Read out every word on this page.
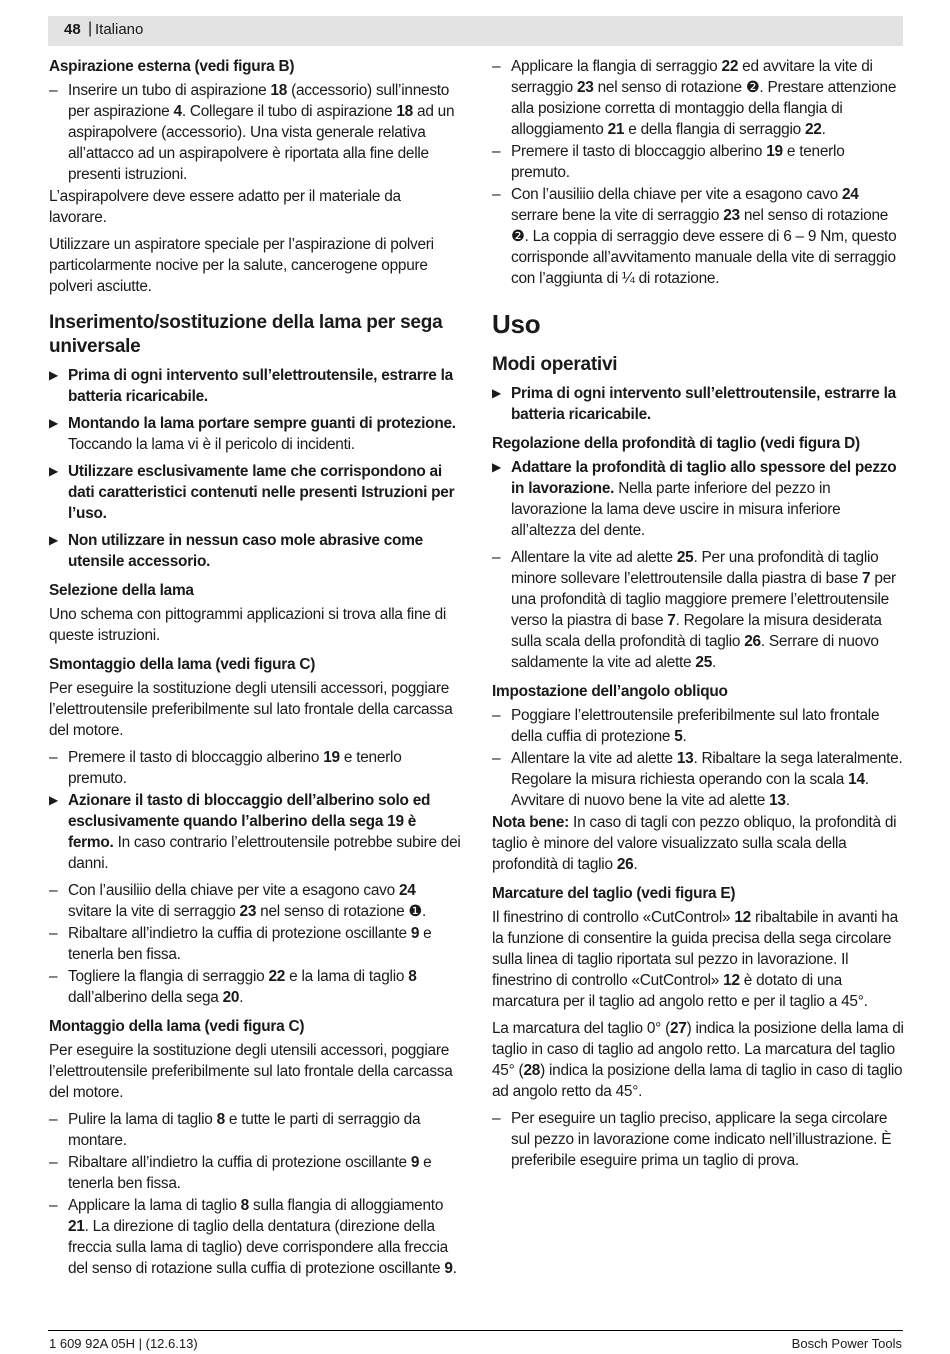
48 | Italiano
Aspirazione esterna (vedi figura B)
– Inserire un tubo di aspirazione 18 (accessorio) sull’innesto per aspirazione 4. Collegare il tubo di aspirazione 18 ad un aspirapolvere (accessorio). Una vista generale relativa all’attacco ad un aspirapolvere è riportata alla fine delle presenti istruzioni.

L’aspirapolvere deve essere adatto per il materiale da lavorare.

Utilizzare un aspiratore speciale per l’aspirazione di polveri particolarmente nocive per la salute, cancerogene oppure polveri asciutte.

Inserimento/sostituzione della lama per sega universale
▶ Prima di ogni intervento sull’elettroutensile, estrarre la batteria ricaricabile.
▶ Montando la lama portare sempre guanti di protezione. Toccando la lama vi è il pericolo di incidenti.
▶ Utilizzare esclusivamente lame che corrispondono ai dati caratteristici contenuti nelle presenti Istruzioni per l’uso.
▶ Non utilizzare in nessun caso mole abrasive come utensile accessorio.
Selezione della lama

Uno schema con pittogrammi applicazioni si trova alla fine di queste istruzioni.

Smontaggio della lama (vedi figura C)

Per eseguire la sostituzione degli utensili accessori, poggiare l’elettroutensile preferibilmente sul lato frontale della carcassa del motore.

– Premere il tasto di bloccaggio alberino 19 e tenerlo premuto.
▶ Azionare il tasto di bloccaggio dell’alberino solo ed esclusivamente quando l’alberino della sega 19 è fermo. In caso contrario l’elettroutensile potrebbe subire dei danni.
– Con l’ausiliio della chiave per vite a esagono cavo 24 svitare la vite di serraggio 23 nel senso di rotazione ❶.
– Ribaltare all’indietro la cuffia di protezione oscillante 9 e tenerla ben fissa.
– Togliere la flangia di serraggio 22 e la lama di taglio 8 dall’alberino della sega 20.
Montaggio della lama (vedi figura C)

Per eseguire la sostituzione degli utensili accessori, poggiare l’elettroutensile preferibilmente sul lato frontale della carcassa del motore.

– Pulire la lama di taglio 8 e tutte le parti di serraggio da montare.
– Ribaltare all’indietro la cuffia di protezione oscillante 9 e tenerla ben fissa.
– Applicare la lama di taglio 8 sulla flangia di alloggiamento 21. La direzione di taglio della dentatura (direzione della freccia sulla lama di taglio) deve corrispondere alla freccia del senso di rotazione sulla cuffia di protezione oscillante 9.
– Applicare la flangia di serraggio 22 ed avvitare la vite di serraggio 23 nel senso di rotazione ❷. Prestare attenzione alla posizione corretta di montaggio della flangia di alloggiamento 21 e della flangia di serraggio 22.
– Premere il tasto di bloccaggio alberino 19 e tenerlo premuto.
– Con l’ausiliio della chiave per vite a esagono cavo 24 serrare bene la vite di serraggio 23 nel senso di rotazione ❷. La coppia di serraggio deve essere di 6 – 9 Nm, questo corrisponde all’avvitamento manuale della vite di serraggio con l’aggiunta di ¼ di rotazione.
Uso
Modi operativi
▶ Prima di ogni intervento sull’elettroutensile, estrarre la batteria ricaricabile.
Regolazione della profondità di taglio (vedi figura D)
▶ Adattare la profondità di taglio allo spessore del pezzo in lavorazione. Nella parte inferiore del pezzo in lavorazione la lama deve uscire in misura inferiore all’altezza del dente.
– Allentare la vite ad alette 25. Per una profondità di taglio minore sollevare l’elettroutensile dalla piastra di base 7 per una profondità di taglio maggiore premere l’elettroutensile verso la piastra di base 7. Regolare la misura desiderata sulla scala della profondità di taglio 26. Serrare di nuovo saldamente la vite ad alette 25.
Impostazione dell’angolo obliquo
– Poggiare l’elettroutensile preferibilmente sul lato frontale della cuffia di protezione 5.
– Allentare la vite ad alette 13. Ribaltare la sega lateralmente. Regolare la misura richiesta operando con la scala 14. Avvitare di nuovo bene la vite ad alette 13.

Nota bene: In caso di tagli con pezzo obliquo, la profondità di taglio è minore del valore visualizzato sulla scala della profondità di taglio 26.

Marcature del taglio (vedi figura E)

Il finestrino di controllo «CutControl» 12 ribaltabile in avanti ha la funzione di consentire la guida precisa della sega circolare sulla linea di taglio riportata sul pezzo in lavorazione. Il finestrino di controllo «CutControl» 12 è dotato di una marcatura per il taglio ad angolo retto e per il taglio a 45°.

La marcatura del taglio 0° (27) indica la posizione della lama di taglio in caso di taglio ad angolo retto. La marcatura del taglio 45° (28) indica la posizione della lama di taglio in caso di taglio ad angolo retto da 45°.

– Per eseguire un taglio preciso, applicare la sega circolare sul pezzo in lavorazione come indicato nell’illustrazione. È preferibile eseguire prima un taglio di prova.
1 609 92A 05H | (12.6.13)	Bosch Power Tools
